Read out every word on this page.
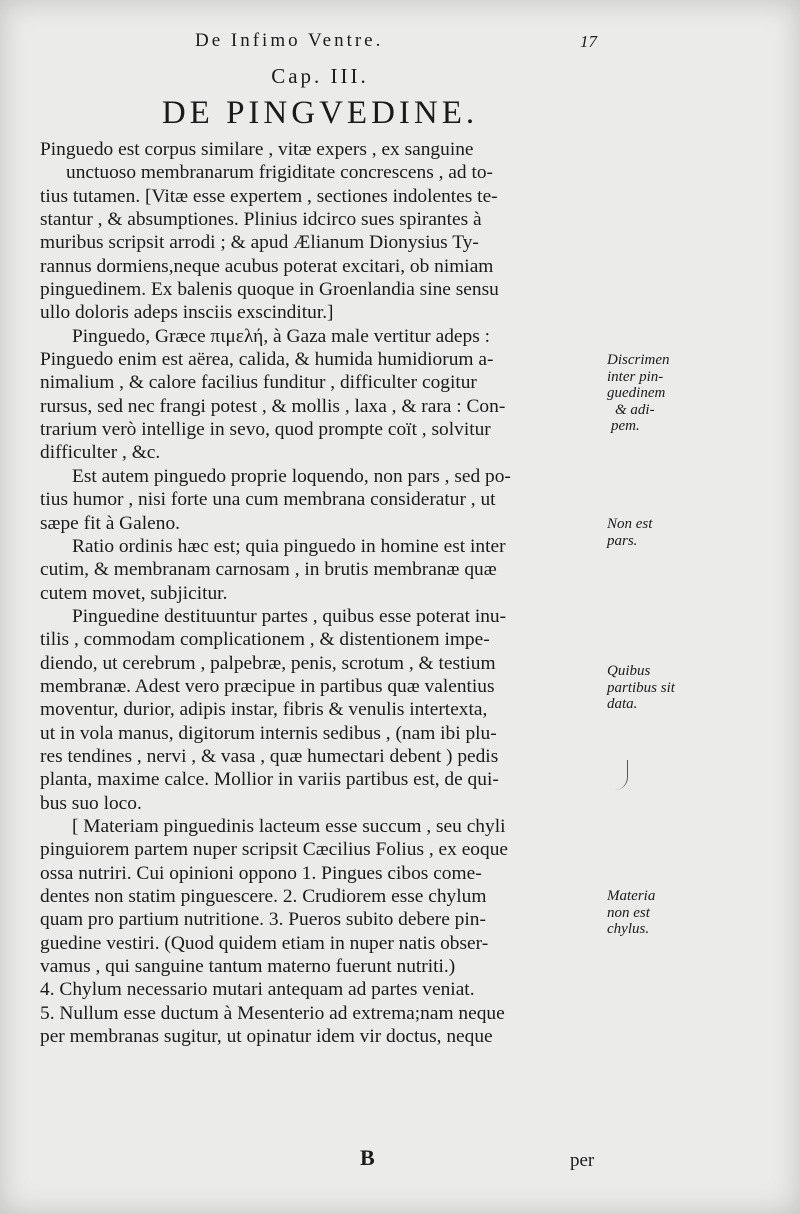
De Infimo Ventre.	17
Cap. III.
DE PINGVEDINE.
Pinguedo est corpus similare , vitæ expers , ex sanguine
unctuoso membranarum frigiditate concrescens , ad to-
tius tutamen. [Vitæ esse expertem , sectiones indolentes te-
stantur , & absumptiones. Plinius idcirco sues spirantes à
muribus scripsit arrodi ; & apud Ælianum Dionysius Ty-
rannus dormiens,neque acubus poterat excitari, ob nimiam
pinguedinem. Ex balenis quoque in Groenlandia sine sensu
ullo doloris adeps insciis exscinditur.]
Pinguedo, Græce πιμελή, à Gaza male vertitur adeps :
Pinguedo enim est aërea, calida, & humida humidiorum a-
nimalium , & calore facilius funditur , difficulter cogitur
rursus, sed nec frangi potest , & mollis , laxa , & rara : Con-
trarium verò intellige in sevo, quod prompte coït , solvitur
difficulter , &c.
Est autem pinguedo proprie loquendo, non pars , sed po-
tius humor , nisi forte una cum membrana consideratur , ut
sæpe fit à Galeno.
Ratio ordinis hæc est; quia pinguedo in homine est inter
cutim, & membranam carnosam , in brutis membranæ quæ
cutem movet, subjicitur.
Pinguedine destituuntur partes , quibus esse poterat inu-
tilis , commodam complicationem , & distentionem impe-
diendo, ut cerebrum , palpebræ, penis, scrotum , & testium
membranæ. Adest vero præcipue in partibus quæ valentius
moventur, durior, adipis instar, fibris & venulis intertexta,
ut in vola manus, digitorum internis sedibus , (nam ibi plu-
res tendines , nervi , & vasa , quæ humectari debent ) pedis
planta, maxime calce. Mollior in variis partibus est, de qui-
bus suo loco.
[ Materiam pinguedinis lacteum esse succum , seu chyli
pinguiorem partem nuper scripsit Cæcilius Folius , ex eoque
ossa nutriri. Cui opinioni oppono 1. Pingues cibos come-
dentes non statim pinguescere. 2. Crudiorem esse chylum
quam pro partium nutritione. 3. Pueros subito debere pin-
guedine vestiri. (Quod quidem etiam in nuper natis obser-
vamus , qui sanguine tantum materno fuerunt nutriti.)
4. Chylum necessario mutari antequam ad partes veniat.
5. Nullum esse ductum à Mesenterio ad extrema;nam neque
per membranas sugitur, ut opinatur idem vir doctus, neque
Discrimen
inter pin-
guedinem
& adi-
pem.
Non est
pars.
Quibus
partibus sit
data.
Materia
non est
chylus.
B	per
